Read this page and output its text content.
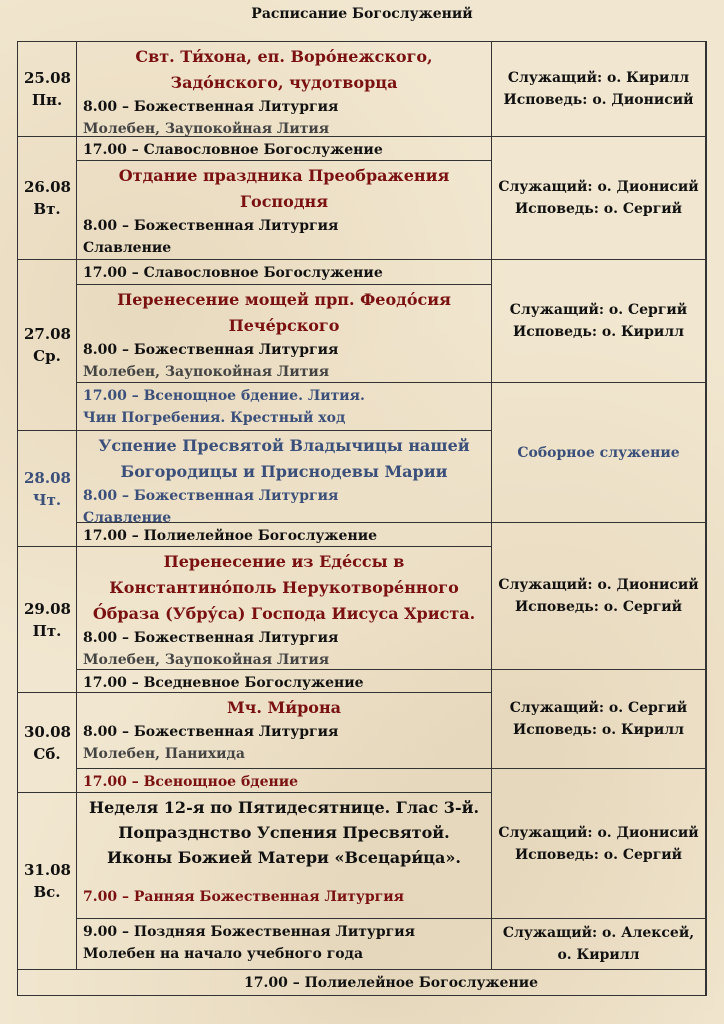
Расписание Богослужений
25.08
Пн.
Свт. Ти́хона, еп. Воро́нежского, Задо́нского, чудотворца
8.00 – Божественная Литургия
Молебен, Заупокойная Лития
Служащий: о. Кирилл
Исповедь: о. Дионисий
17.00 – Славословное Богослужение
26.08
Вт.
Отдание праздника Преображения Господня
8.00 – Божественная Литургия
Славление
Служащий: о. Дионисий
Исповедь: о. Сергий
17.00 – Славословное Богослужение
27.08
Ср.
Перенесение мощей прп. Феодо́сия Пече́рского
8.00 – Божественная Литургия
Молебен, Заупокойная Лития
Служащий: о. Сергий
Исповедь: о. Кирилл
17.00 – Всенощное бдение. Лития.
Чин Погребения. Крестный ход
28.08
Чт.
Успение Пресвятой Владычицы нашей Богородицы и Приснодевы Марии
8.00 – Божественная Литургия
Славление
Соборное служение
17.00 – Полиелейное Богослужение
29.08
Пт.
Перенесение из Еде́ссы в Константино́поль Нерукотворе́нного О́браза (Убру́са) Господа Иисуса Христа.
8.00 – Божественная Литургия
Молебен, Заупокойная Лития
Служащий: о. Дионисий
Исповедь: о. Сергий
17.00 – Вседневное Богослужение
30.08
Сб.
Мч. Ми́рона
8.00 – Божественная Литургия
Молебен, Панихида
Служащий: о. Сергий
Исповедь: о. Кирилл
17.00 – Всенощное бдение
31.08
Вс.
Неделя 12-я по Пятидесятнице. Глас 3-й. Попразднство Успения Пресвятой. Иконы Божией Матери «Всецари́ца».
7.00 – Ранняя Божественная Литургия
Служащий: о. Дионисий
Исповедь: о. Сергий
9.00 – Поздняя Божественная Литургия
Молебен на начало учебного года
Служащий: о. Алексей,
о. Кирилл
17.00 – Полиелейное Богослужение
